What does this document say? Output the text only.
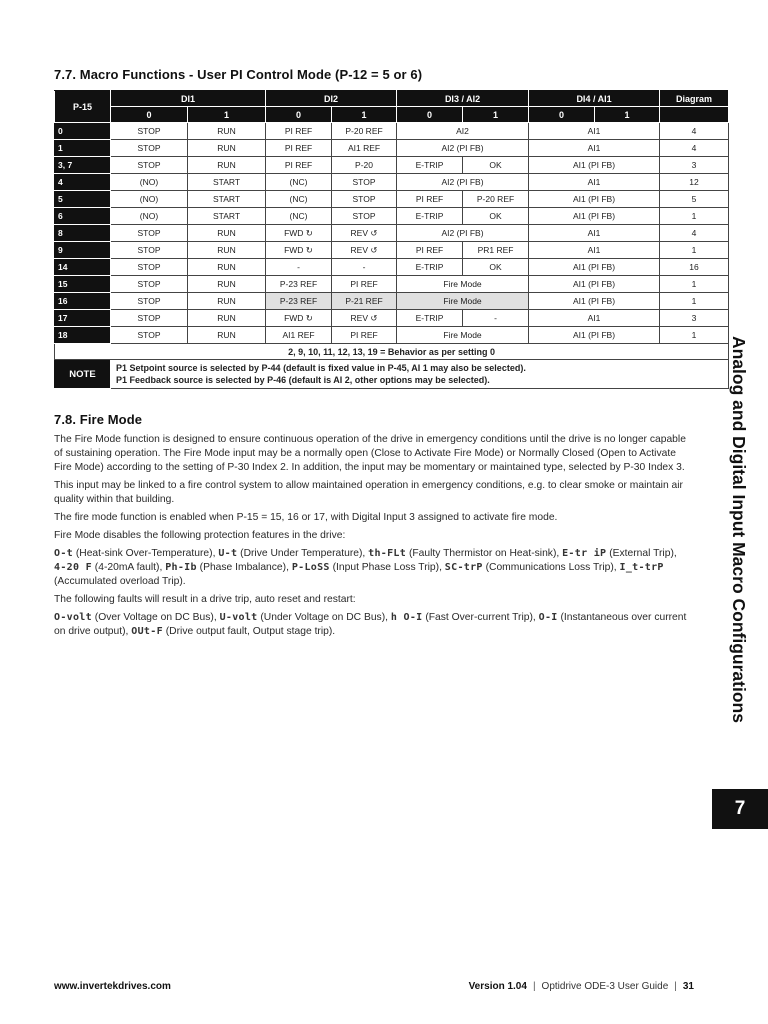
7.7. Macro Functions - User PI Control Mode (P-12 = 5 or 6)
P-15	DI1		DI2		DI3 / AI2		DI4 / AI1		Diagram
	0	1	0	1	0	1	0	1	
0	STOP	RUN	PI REF	P-20 REF	AI2		AI1		4
1	STOP	RUN	PI REF	AI1 REF	AI2 (PI FB)		AI1		4
3, 7	STOP	RUN	PI REF	P-20	E-TRIP	OK	AI1 (PI FB)		3
4	(NO)	START	(NC)	STOP	AI2 (PI FB)		AI1		12
5	(NO)	START	(NC)	STOP	PI REF	P-20 REF	AI1 (PI FB)		5
6	(NO)	START	(NC)	STOP	E-TRIP	OK	AI1 (PI FB)		1
8	STOP	RUN	FWD ↻	REV ↺	AI2 (PI FB)		AI1		4
9	STOP	RUN	FWD ↻	REV ↺	PI REF	PR1 REF	AI1		1
14	STOP	RUN	-	-	E-TRIP	OK	AI1 (PI FB)		16
15	STOP	RUN	P-23 REF	PI REF	Fire Mode		AI1 (PI FB)		1
16	STOP	RUN	P-23 REF	P-21 REF	Fire Mode		AI1 (PI FB)		1
17	STOP	RUN	FWD ↻	REV ↺	E-TRIP	-	AI1		3
18	STOP	RUN	AI1 REF	PI REF	Fire Mode		AI1 (PI FB)		1
2, 9, 10, 11, 12, 13, 19 = Behavior as per setting 0									
NOTE	P1 Setpoint source is selected by P-44 (default is fixed value in P-45, AI 1 may also be selected).
P1 Feedback source is selected by P-46 (default is AI 2, other options may be selected).								
7.8. Fire Mode

The Fire Mode function is designed to ensure continuous operation of the drive in emergency conditions until the drive is no longer capable of sustaining operation. The Fire Mode input may be a normally open (Close to Activate Fire Mode) or Normally Closed (Open to Activate Fire Mode) according to the setting of P-30 Index 2. In addition, the input may be momentary or maintained type, selected by P-30 Index 3.

This input may be linked to a fire control system to allow maintained operation in emergency conditions, e.g. to clear smoke or maintain air quality within that building.

The fire mode function is enabled when P-15 = 15, 16 or 17, with Digital Input 3 assigned to activate fire mode.

Fire Mode disables the following protection features in the drive:

O-t (Heat-sink Over-Temperature), U-t (Drive Under Temperature), th-FLt (Faulty Thermistor on Heat-sink), E-tr iP (External Trip), 4-20 F (4-20mA fault), Ph-Ib (Phase Imbalance), P-LoSS (Input Phase Loss Trip), SC-trP (Communications Loss Trip), I_t-trP (Accumulated overload Trip).

The following faults will result in a drive trip, auto reset and restart:

O-volt (Over Voltage on DC Bus), U-volt (Under Voltage on DC Bus), h O-I (Fast Over-current Trip), O-I (Instantaneous over current on drive output), OUt-F (Drive output fault, Output stage trip).	Analog and Digital Input Macro Configurations
7
www.invertekdrives.com	Version 1.04 | Optidrive ODE-3 User Guide | 31
